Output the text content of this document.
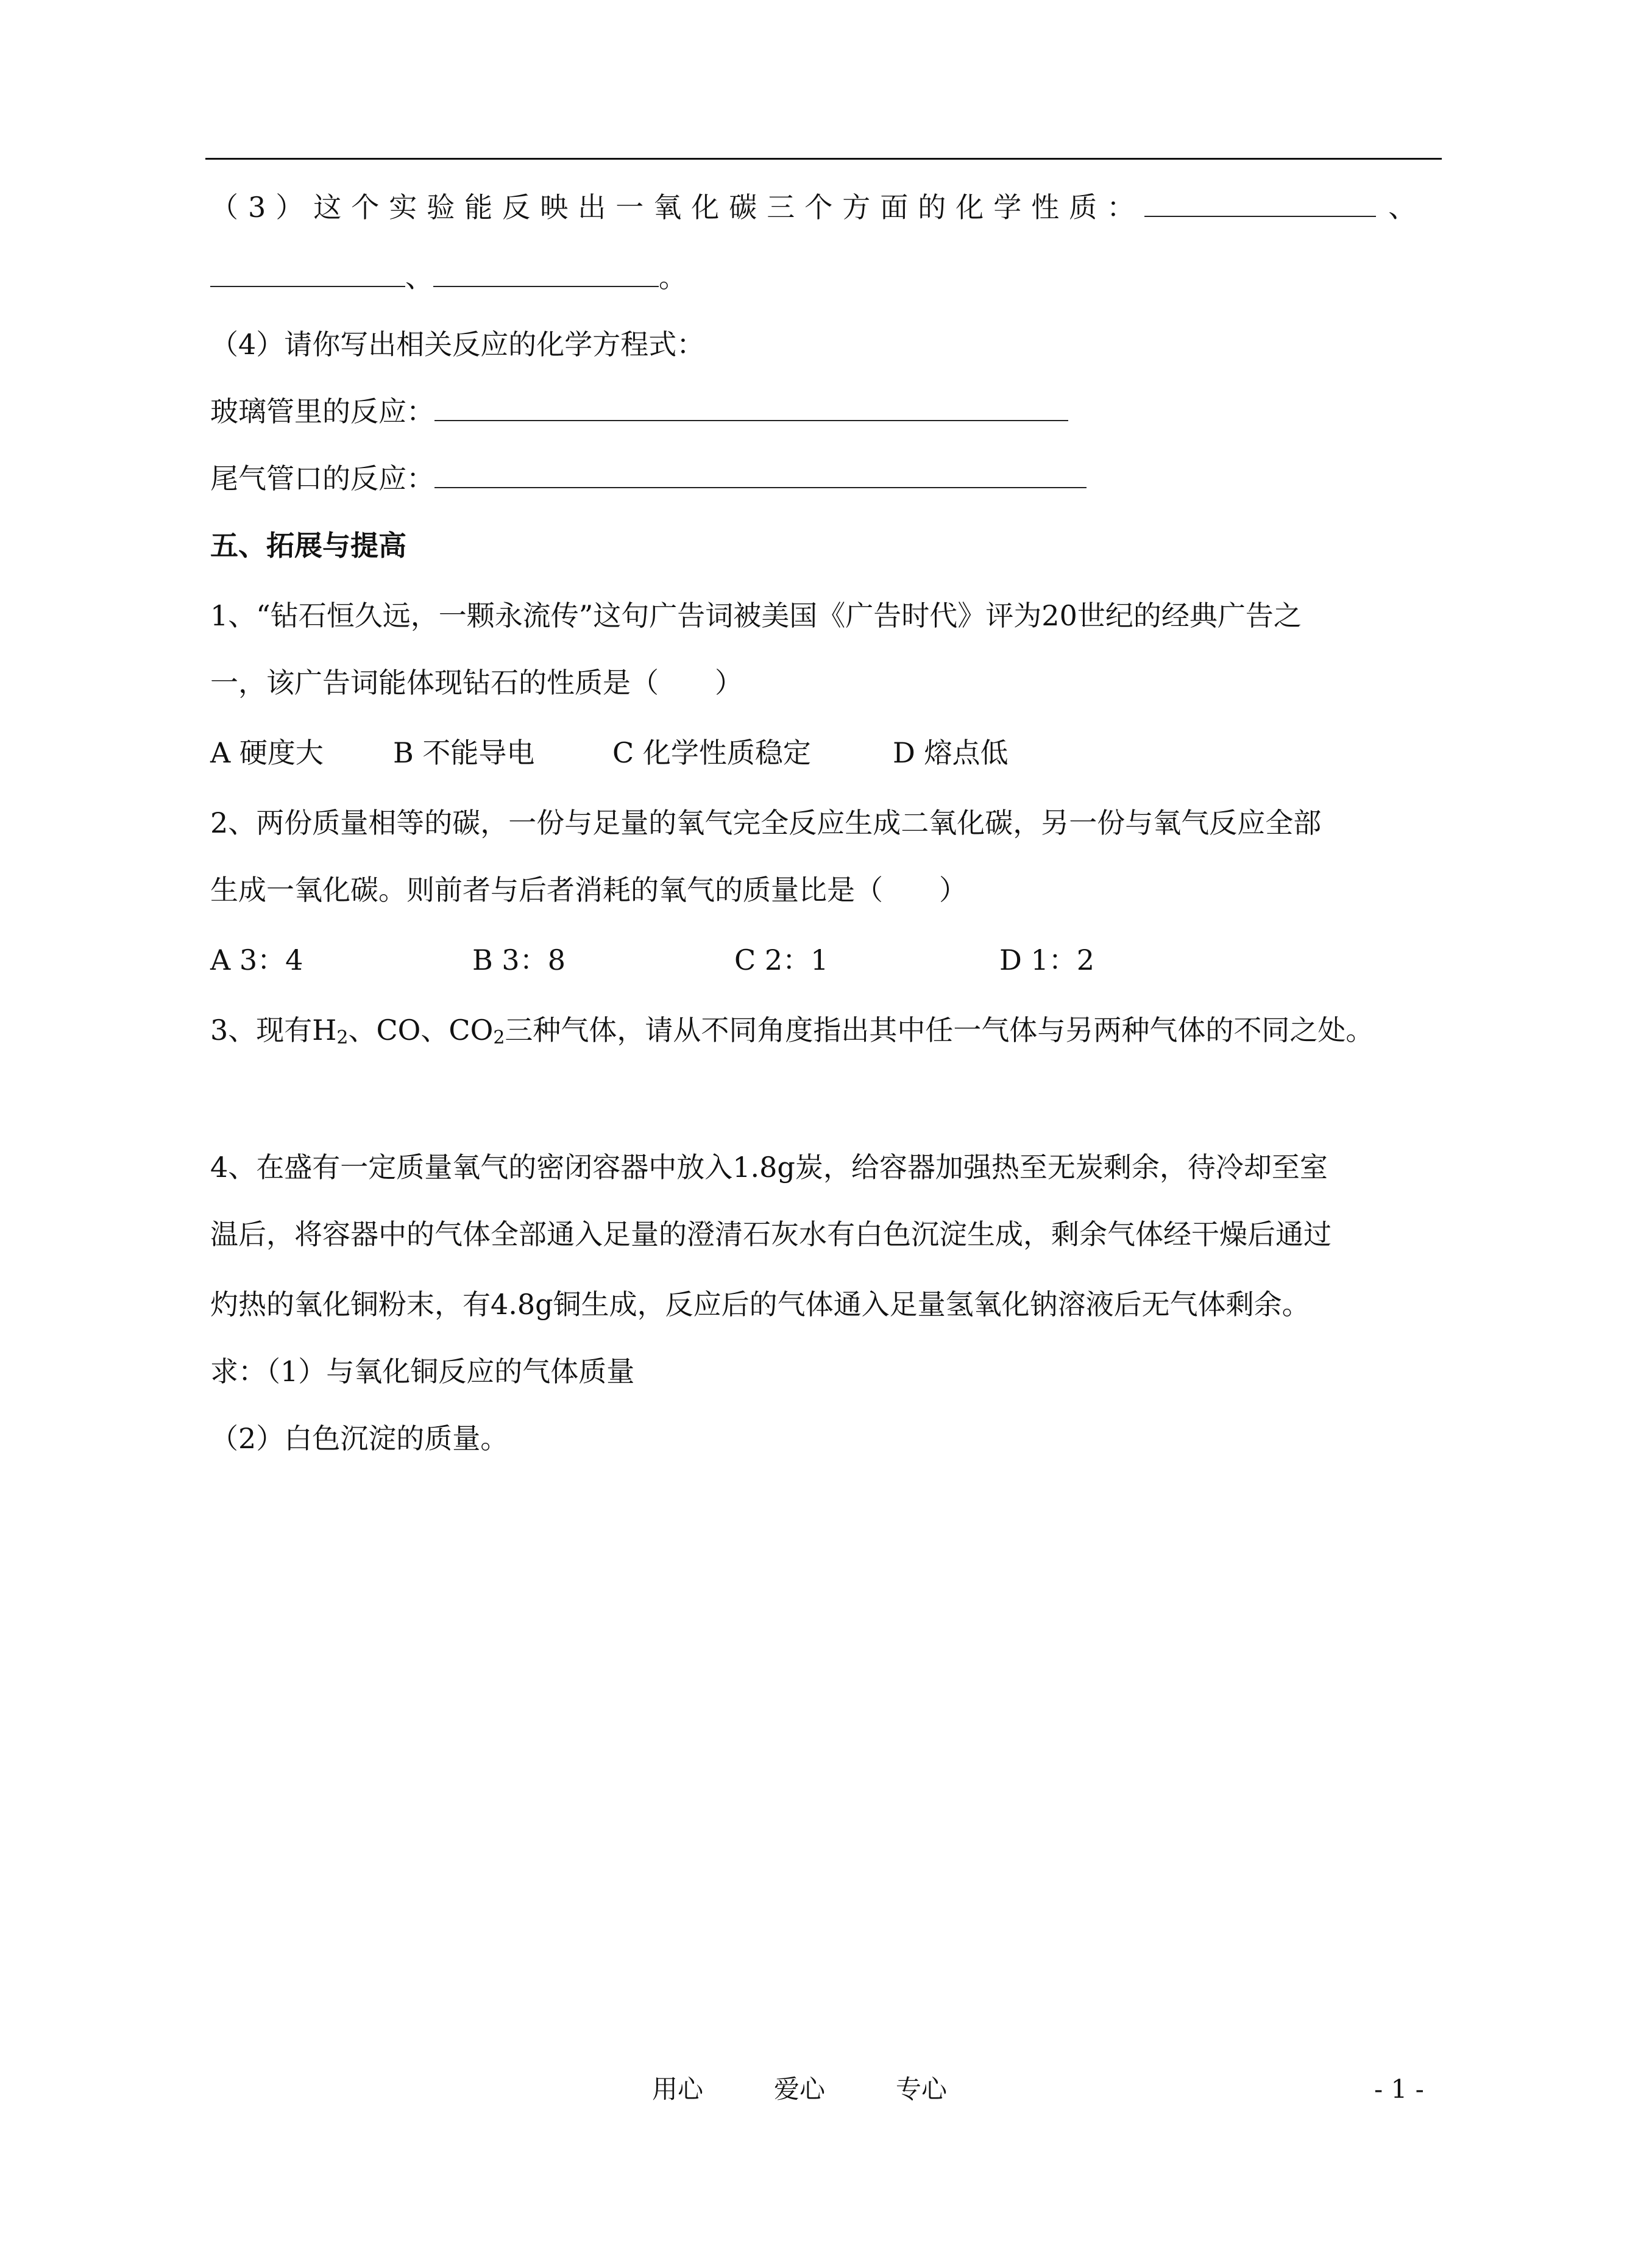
（3）这个实验能反映出一氧化碳三个方面的化学性质：	、
、	。
（4）请你写出相关反应的化学方程式：
玻璃管里的反应：
尾气管口的反应：
五、拓展与提高
1、“钻石恒久远，一颗永流传”这句广告词被美国《广告时代》评为20世纪的经典广告之
一，该广告词能体现钻石的性质是（　　）
A 硬度大 B 不能导电	C 化学性质稳定	D 熔点低
2、两份质量相等的碳，一份与足量的氧气完全反应生成二氧化碳，另一份与氧气反应全部
生成一氧化碳。则前者与后者消耗的氧气的质量比是（　　）
A 3：4	B 3：8	C 2：1	D 1：2
3、现有$H_2$、CO、$CO_2$三种气体，请从不同角度指出其中任一气体与另两种气体的不同之处。
4、在盛有一定质量氧气的密闭容器中放入1.8g炭，给容器加强热至无炭剩余，待冷却至室
温后，将容器中的气体全部通入足量的澄清石灰水有白色沉淀生成，剩余气体经干燥后通过
灼热的氧化铜粉末，有4.8g铜生成，反应后的气体通入足量氢氧化钠溶液后无气体剩余。
求：（1）与氧化铜反应的气体质量
（2）白色沉淀的质量。
用心	爱心	专心	- 1 -
